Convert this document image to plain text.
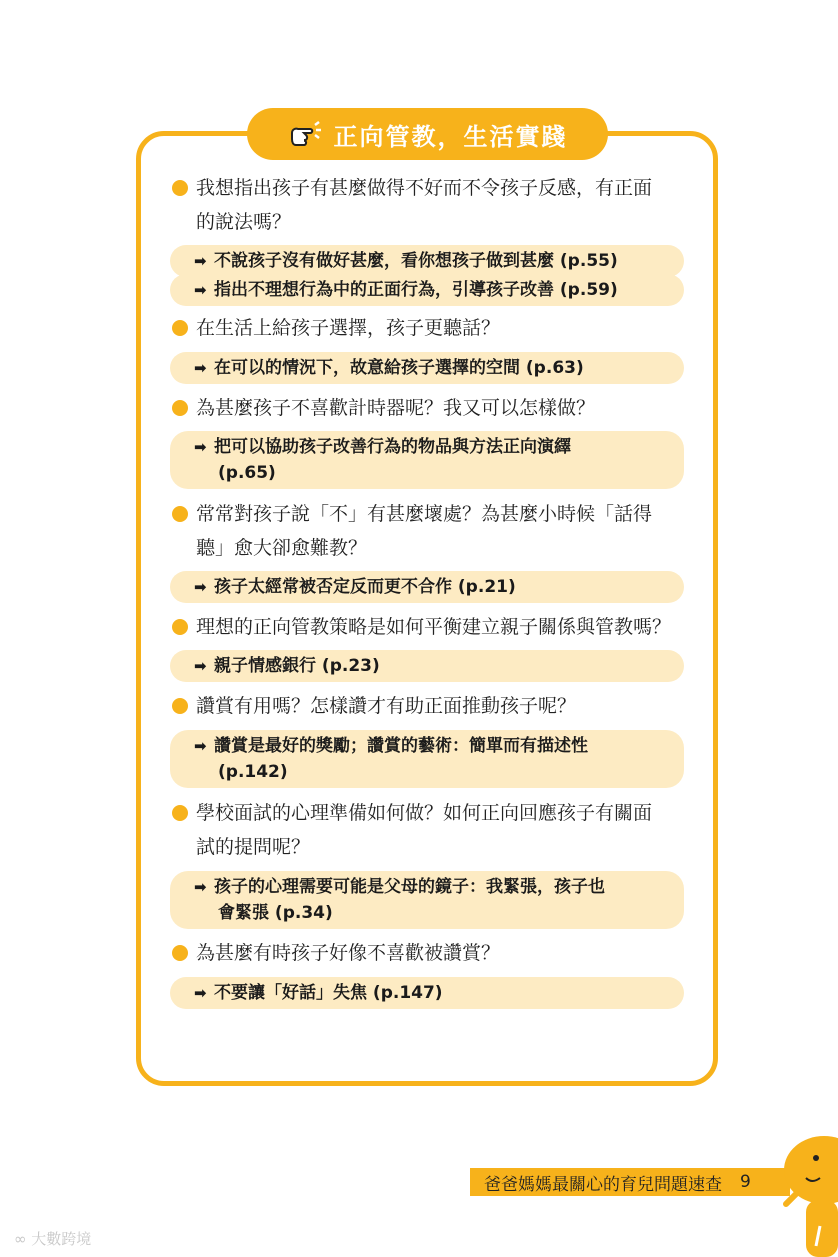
正向管教，生活實踐
我想指出孩子有甚麼做得不好而不令孩子反感，有正面
的說法嗎？
➡ 不說孩子沒有做好甚麼，看你想孩子做到甚麼 (p.55)
➡ 指出不理想行為中的正面行為，引導孩子改善 (p.59)
在生活上給孩子選擇，孩子更聽話？
➡ 在可以的情況下，故意給孩子選擇的空間 (p.63)
為甚麼孩子不喜歡計時器呢？我又可以怎樣做？
➡ 把可以協助孩子改善行為的物品與方法正向演繹
(p.65)
常常對孩子說「不」有甚麼壞處？為甚麼小時候「話得
聽」愈大卻愈難教？
➡ 孩子太經常被否定反而更不合作 (p.21)
理想的正向管教策略是如何平衡建立親子關係與管教嗎？
➡ 親子情感銀行 (p.23)
讚賞有用嗎？怎樣讚才有助正面推動孩子呢？
➡ 讚賞是最好的獎勵；讚賞的藝術：簡單而有描述性
(p.142)
學校面試的心理準備如何做？如何正向回應孩子有關面
試的提問呢？
➡ 孩子的心理需要可能是父母的鏡子：我緊張，孩子也
會緊張 (p.34)
為甚麼有時孩子好像不喜歡被讚賞？
➡ 不要讓「好話」失焦 (p.147)
爸爸媽媽最關心的育兒問題速查 9
∞ 大數跨境
